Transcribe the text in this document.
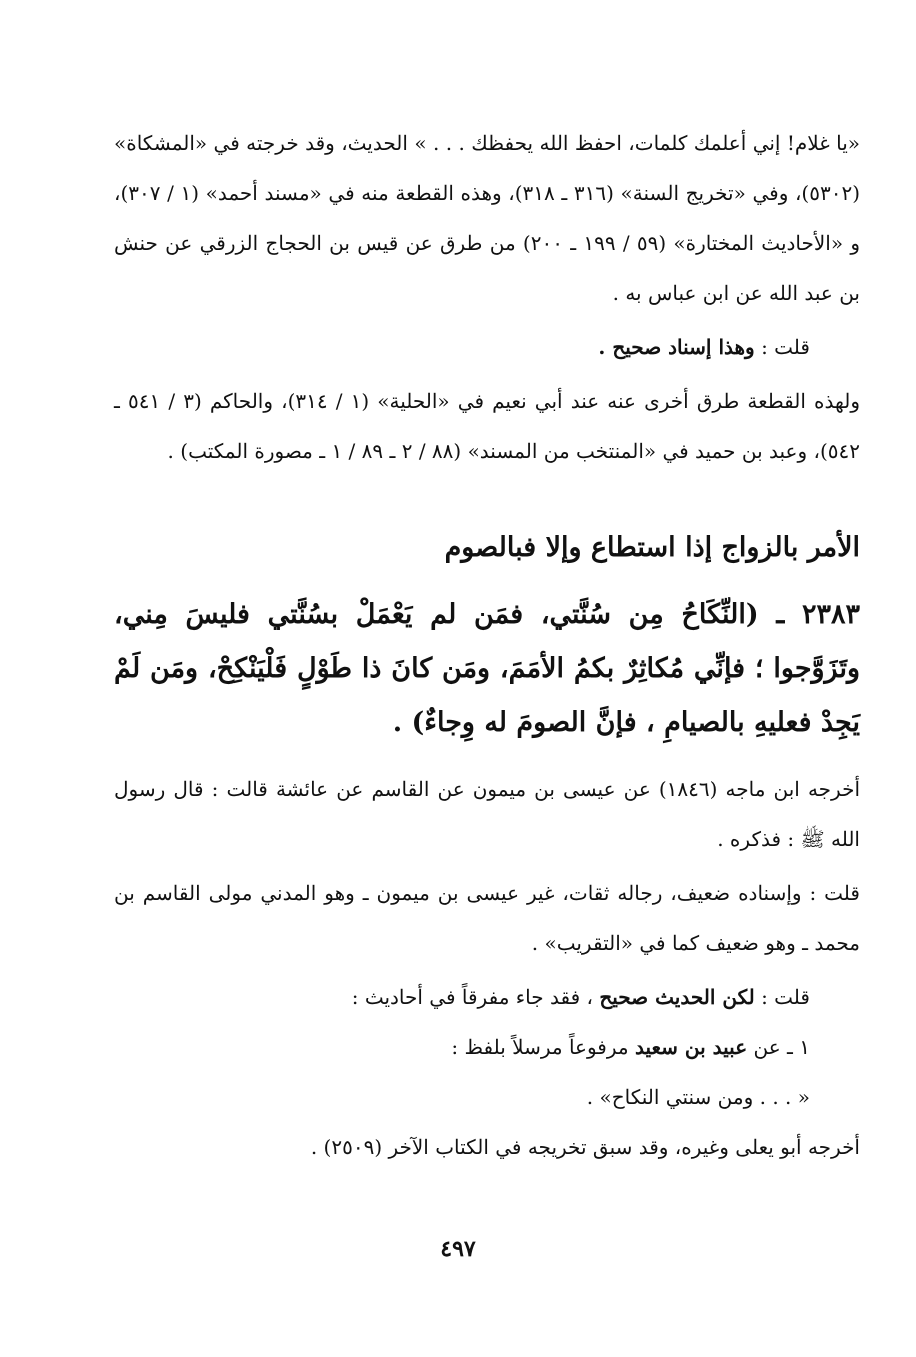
«يا غلام! إني أعلمك كلمات، احفظ الله يحفظك . . . » الحديث، وقد خرجته في «المشكاة» (٥٣٠٢)، وفي «تخريج السنة» (٣١٦ ـ ٣١٨)، وهذه القطعة منه في «مسند أحمد» (١ / ٣٠٧)، و «الأحاديث المختارة» (٥٩ / ١٩٩ ـ ٢٠٠) من طرق عن قيس بن الحجاج الزرقي عن حنش بن عبد الله عن ابن عباس به .

قلت : وهذا إسناد صحيح .

ولهذه القطعة طرق أخرى عنه عند أبي نعيم في «الحلية» (١ / ٣١٤)، والحاكم (٣ / ٥٤١ ـ ٥٤٢)، وعبد بن حميد في «المنتخب من المسند» (٨٨ / ٢ ـ ٨٩ / ١ ـ مصورة المكتب) .

الأمر بالزواج إذا استطاع وإلا فبالصوم

٢٣٨٣ ـ (النِّكَاحُ مِن سُنَّتي، فمَن لم يَعْمَلْ بسُنَّتي فليسَ مِني، وتَزَوَّجوا ؛ فإنِّي مُكاثِرٌ بكمُ الأمَمَ، ومَن كانَ ذا طَوْلٍ فَلْيَنْكِحْ، ومَن لَمْ يَجِدْ فعليهِ بالصيامِ ، فإنَّ الصومَ له وِجاءٌ) .

أخرجه ابن ماجه (١٨٤٦) عن عيسى بن ميمون عن القاسم عن عائشة قالت : قال رسول الله ﷺ : فذكره .

قلت : وإسناده ضعيف، رجاله ثقات، غير عيسى بن ميمون ـ وهو المدني مولى القاسم بن محمد ـ وهو ضعيف كما في «التقريب» .

قلت : لكن الحديث صحيح ، فقد جاء مفرقاً في أحاديث :

١ ـ عن عبيد بن سعيد مرفوعاً مرسلاً بلفظ :

« . . . ومن سنتي النكاح» .

أخرجه أبو يعلى وغيره، وقد سبق تخريجه في الكتاب الآخر (٢٥٠٩) .

٤٩٧
